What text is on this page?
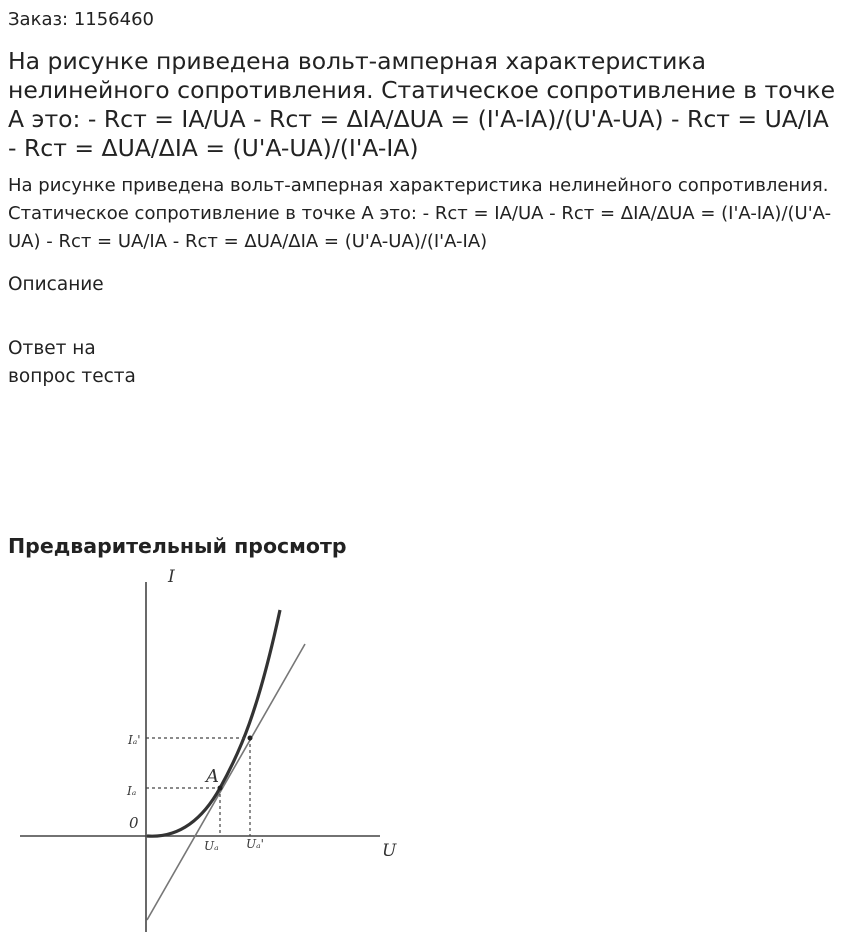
Заказ: 1156460
На рисунке приведена вольт-амперная характеристика нелинейного сопротивления. Статическое сопротивление в точке А это: - Rст = IA/UA - Rст = ΔIA/ΔUA = (I'A-IA)/(U'A-UA) - Rст = UA/IA - Rст = ΔUA/ΔIA = (U'A-UA)/(I'A-IA)
На рисунке приведена вольт-амперная характеристика нелинейного сопротивления. Статическое сопротивление в точке А это: - Rст = IA/UA - Rст = ΔIA/ΔUA = (I'A-IA)/(U'A-UA) - Rст = UA/IA - Rст = ΔUA/ΔIA = (U'A-UA)/(I'A-IA)
Описание
Ответ на вопрос теста
Предварительный просмотр
I
U
0
A
Iₐ
Iₐ'
Uₐ Uₐ'
